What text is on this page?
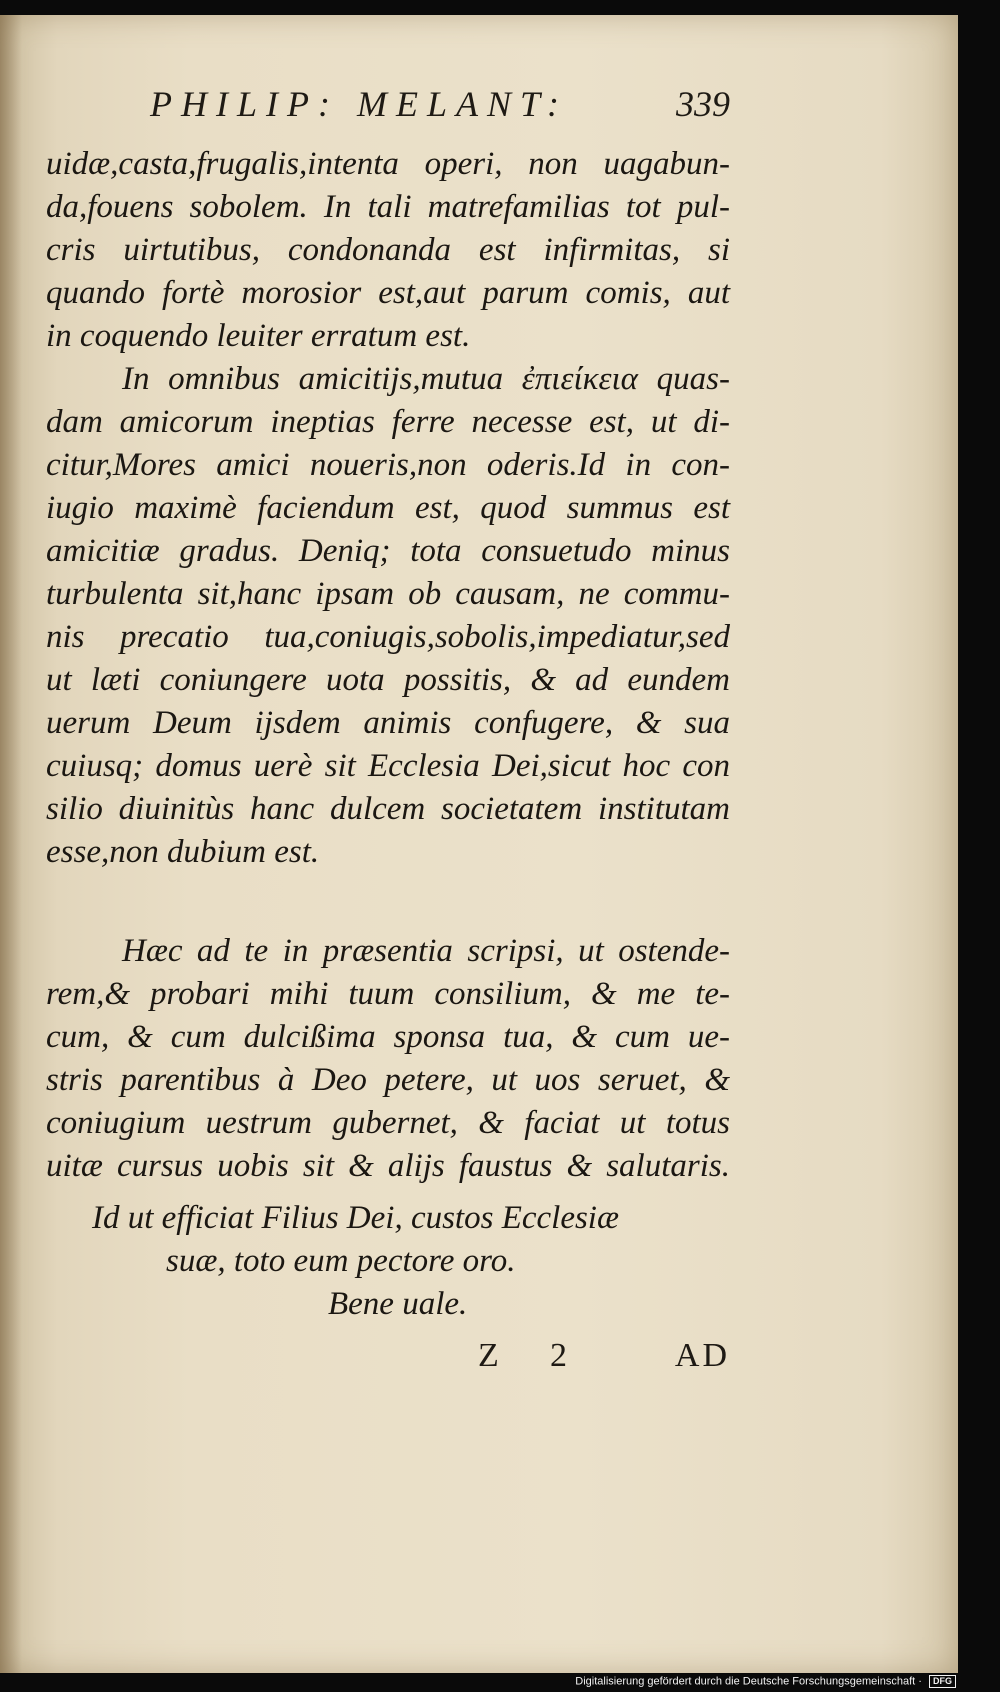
PHILIP: MELANT:	339
uidæ,casta,frugalis,intenta operi, non uagabun-
da,fouens sobolem. In tali matrefamilias tot pul-
cris uirtutibus, condonanda est infirmitas, si
quando fortè morosior est,aut parum comis, aut
in coquendo leuiter erratum est.
In omnibus amicitijs,mutua ἐπιείκεια quas-
dam amicorum ineptias ferre necesse est, ut di-
citur,Mores amici noueris,non oderis.Id in con-
iugio maximè faciendum est, quod summus est
amicitiæ gradus. Deniq; tota consuetudo minus
turbulenta sit,hanc ipsam ob causam, ne commu-
nis precatio tua,coniugis,sobolis,impediatur,sed
ut læti coniungere uota possitis, & ad eundem
uerum Deum ijsdem animis confugere, & sua
cuiusq; domus uerè sit Ecclesia Dei,sicut hoc con
silio diuinitùs hanc dulcem societatem institutam
esse,non dubium est.
Hæc ad te in præsentia scripsi, ut ostende-
rem,& probari mihi tuum consilium, & me te-
cum, & cum dulcißima sponsa tua, & cum ue-
stris parentibus à Deo petere, ut uos seruet, &
coniugium uestrum gubernet, & faciat ut totus
uitæ cursus uobis sit & alijs faustus & salutaris.
Id ut efficiat Filius Dei, custos Ecclesiæ
suæ, toto eum pectore oro.
Bene uale.
Z 2	AD
Digitalisierung gefördert durch die Deutsche Forschungsgemeinschaft · DFG
